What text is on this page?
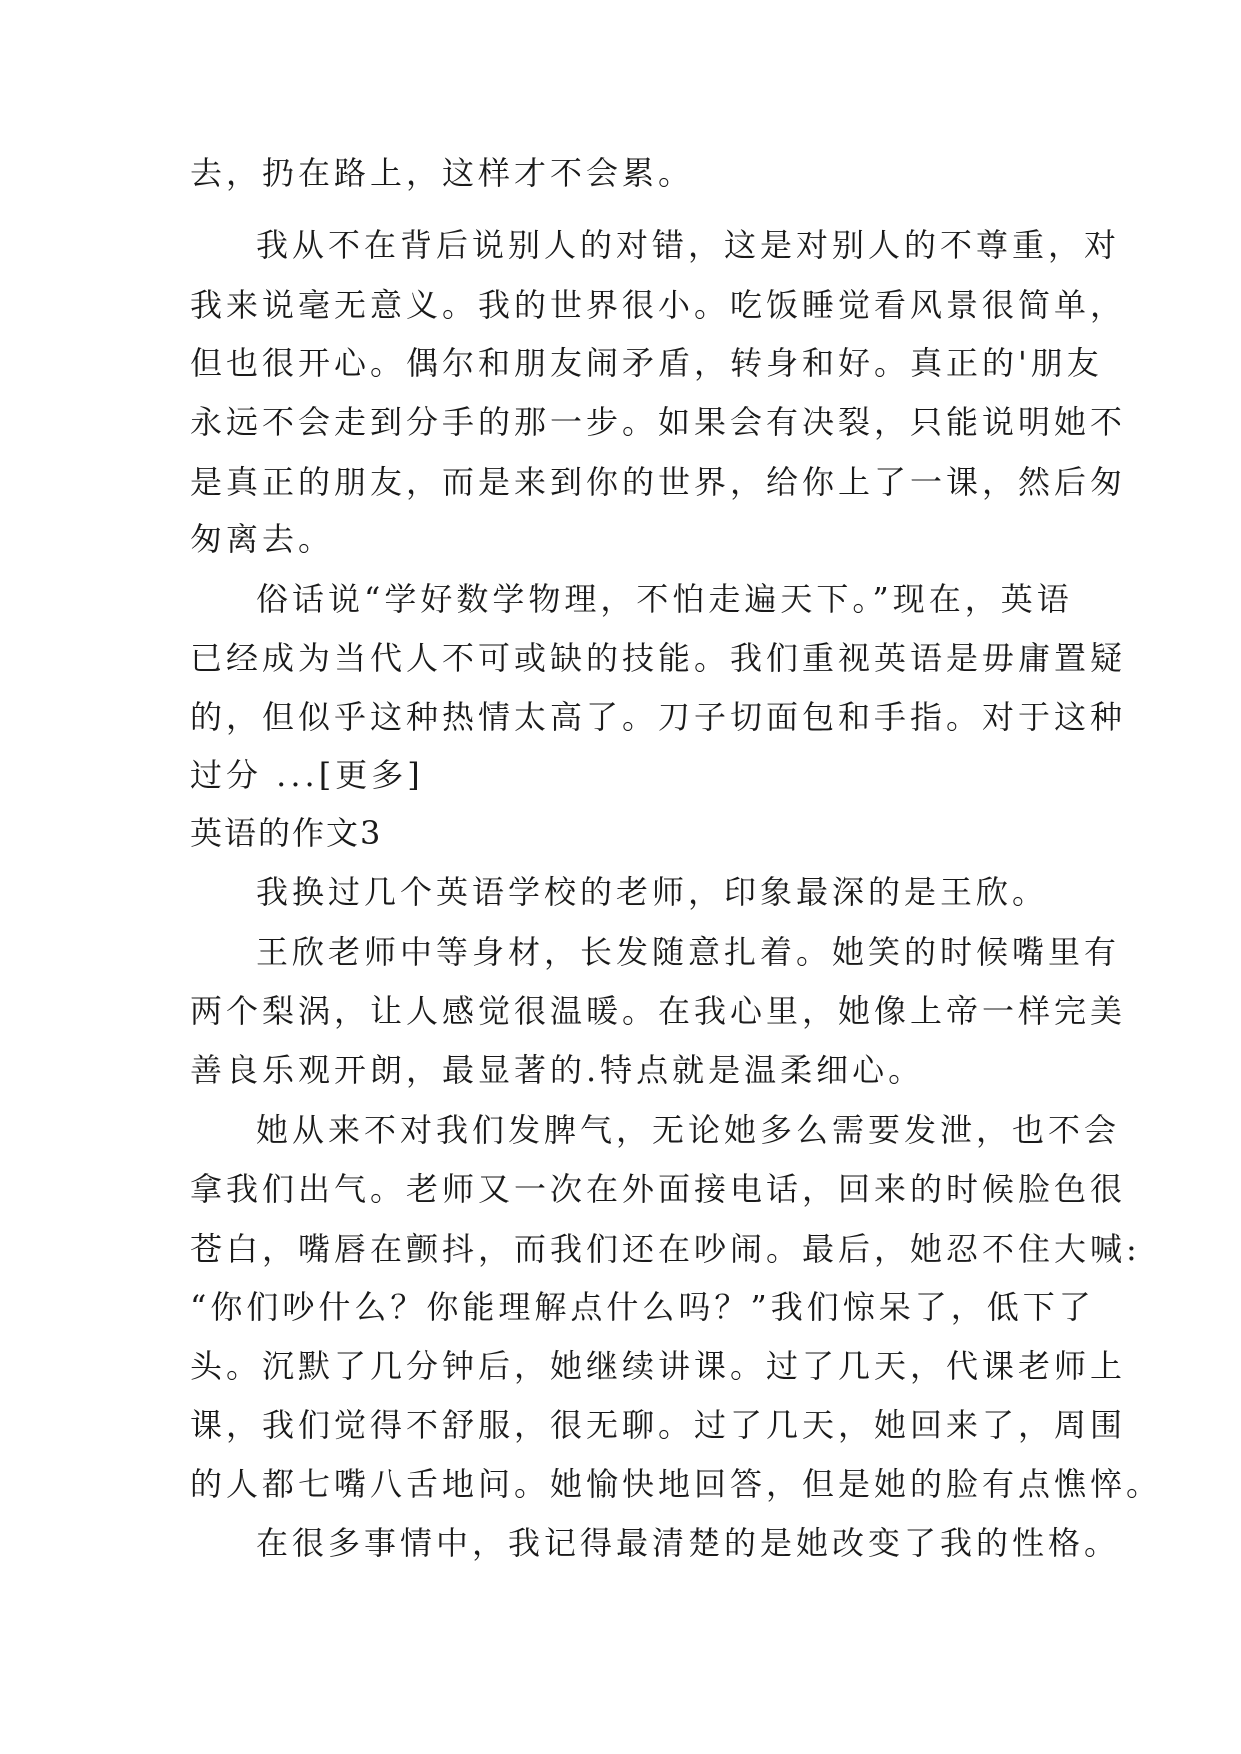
去，扔在路上，这样才不会累。
我从不在背后说别人的对错，这是对别人的不尊重，对
我来说毫无意义。我的世界很小。吃饭睡觉看风景很简单，
但也很开心。偶尔和朋友闹矛盾，转身和好。真正的'朋友
永远不会走到分手的那一步。如果会有决裂，只能说明她不
是真正的朋友，而是来到你的世界，给你上了一课，然后匆
匆离去。
俗话说“学好数学物理，不怕走遍天下。”现在，英语
已经成为当代人不可或缺的技能。我们重视英语是毋庸置疑
的，但似乎这种热情太高了。刀子切面包和手指。对于这种
过分 ...[更多]
英语的作文3
我换过几个英语学校的老师，印象最深的是王欣。
王欣老师中等身材，长发随意扎着。她笑的时候嘴里有
两个梨涡，让人感觉很温暖。在我心里，她像上帝一样完美
善良乐观开朗，最显著的.特点就是温柔细心。
她从来不对我们发脾气，无论她多么需要发泄，也不会
拿我们出气。老师又一次在外面接电话，回来的时候脸色很
苍白，嘴唇在颤抖，而我们还在吵闹。最后，她忍不住大喊:
“你们吵什么？你能理解点什么吗？”我们惊呆了，低下了
头。沉默了几分钟后，她继续讲课。过了几天，代课老师上
课，我们觉得不舒服，很无聊。过了几天，她回来了，周围
的人都七嘴八舌地问。她愉快地回答，但是她的脸有点憔悴。
在很多事情中，我记得最清楚的是她改变了我的性格。
